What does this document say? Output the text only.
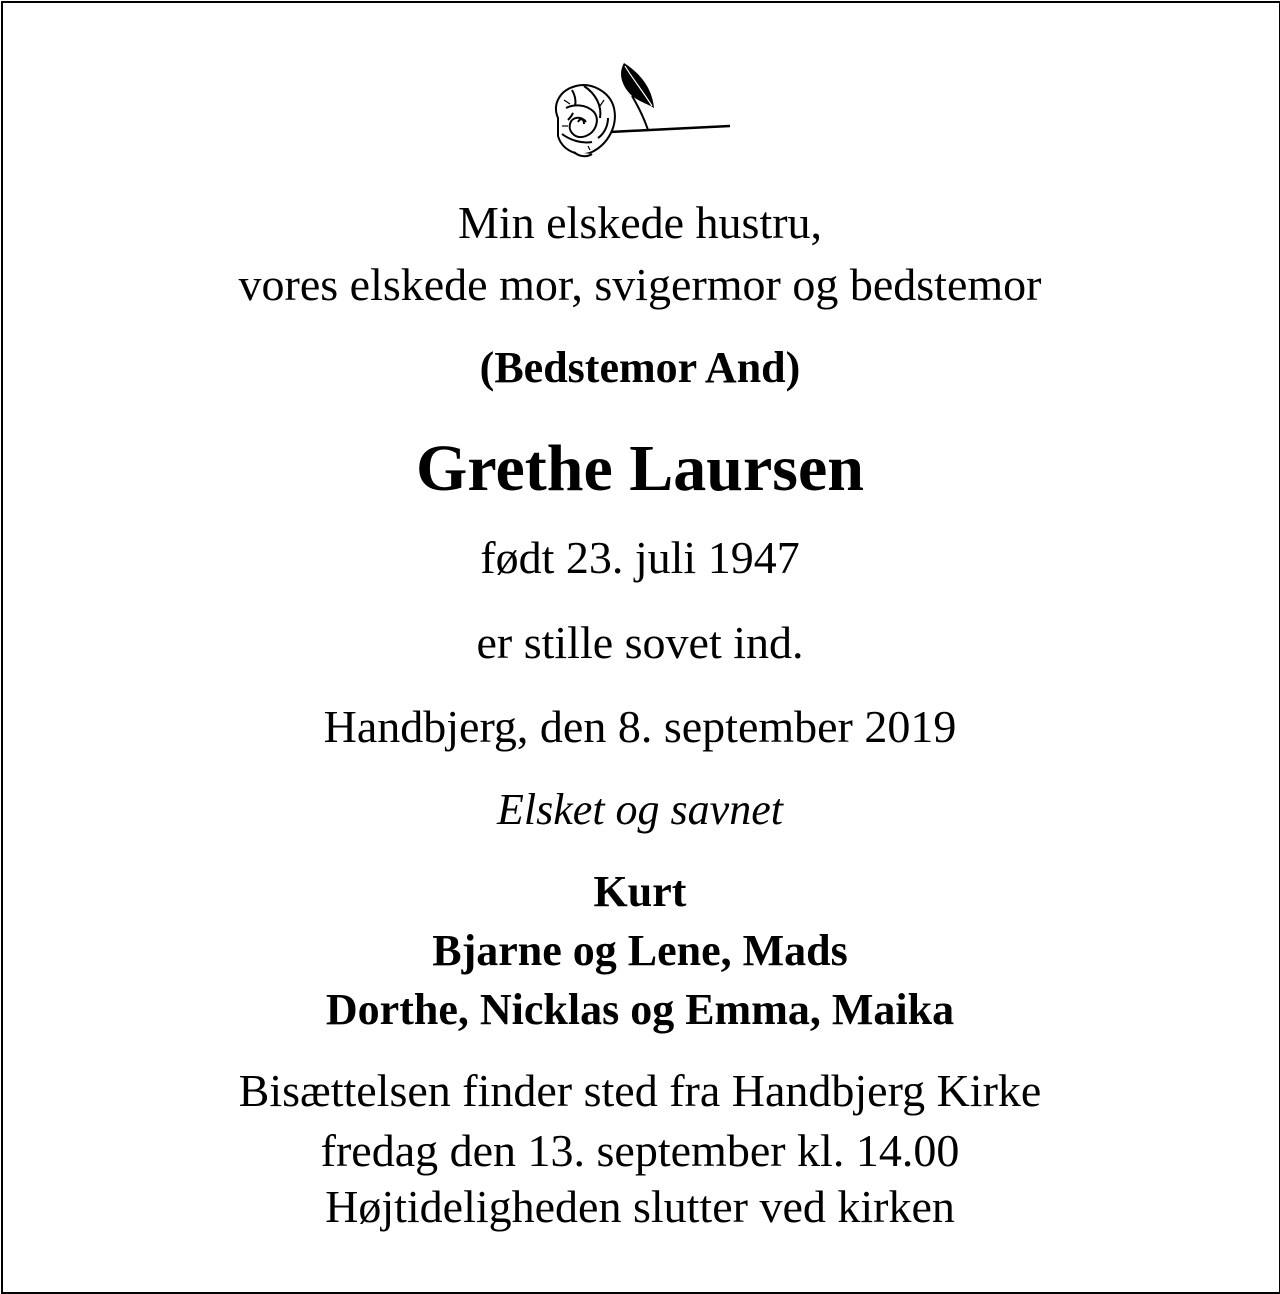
Min elskede hustru,
vores elskede mor, svigermor og bedstemor
(Bedstemor And)
Grethe Laursen
født 23. juli 1947
er stille sovet ind.
Handbjerg, den 8. september 2019
Elsket og savnet
Kurt
Bjarne og Lene, Mads
Dorthe, Nicklas og Emma, Maika
Bisættelsen finder sted fra Handbjerg Kirke
fredag den 13. september kl. 14.00
Højtideligheden slutter ved kirken
